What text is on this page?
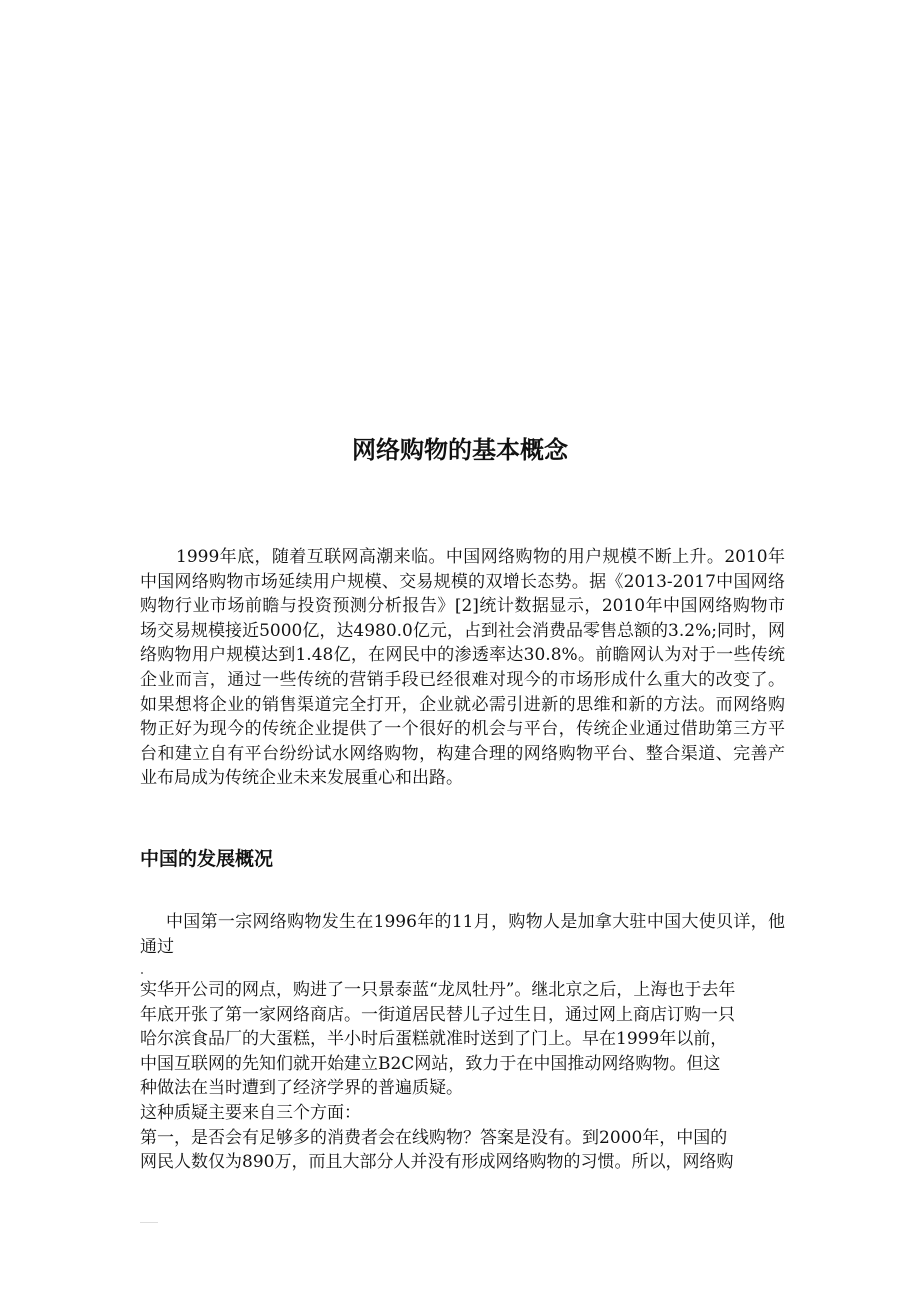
网络购物的基本概念

1999年底，随着互联网高潮来临。中国网络购物的用户规模不断上升。2010年中国网络购物市场延续用户规模、交易规模的双增长态势。据《2013-2017中国网络购物行业市场前瞻与投资预测分析报告》[2]统计数据显示，2010年中国网络购物市场交易规模接近5000亿，达4980.0亿元，占到社会消费品零售总额的3.2%;同时，网络购物用户规模达到1.48亿，在网民中的渗透率达30.8%。前瞻网认为对于一些传统企业而言，通过一些传统的营销手段已经很难对现今的市场形成什么重大的改变了。如果想将企业的销售渠道完全打开，企业就必需引进新的思维和新的方法。而网络购物正好为现今的传统企业提供了一个很好的机会与平台，传统企业通过借助第三方平台和建立自有平台纷纷试水网络购物，构建合理的网络购物平台、整合渠道、完善产业布局成为传统企业未来发展重心和出路。

中国的发展概况

中国第一宗网络购物发生在1996年的11月，购物人是加拿大驻中国大使贝详，他通过

实华开公司的网点，购进了一只景泰蓝“龙凤牡丹”。继北京之后，上海也于去年
年底开张了第一家网络商店。一街道居民替儿子过生日，通过网上商店订购一只
哈尔滨食品厂的大蛋糕，半小时后蛋糕就准时送到了门上。早在1999年以前，
中国互联网的先知们就开始建立B2C网站，致力于在中国推动网络购物。但这
种做法在当时遭到了经济学界的普遍质疑。
这种质疑主要来自三个方面：
第一，是否会有足够多的消费者会在线购物？答案是没有。到2000年，中国的
网民人数仅为890万，而且大部分人并没有形成网络购物的习惯。所以，网络购
